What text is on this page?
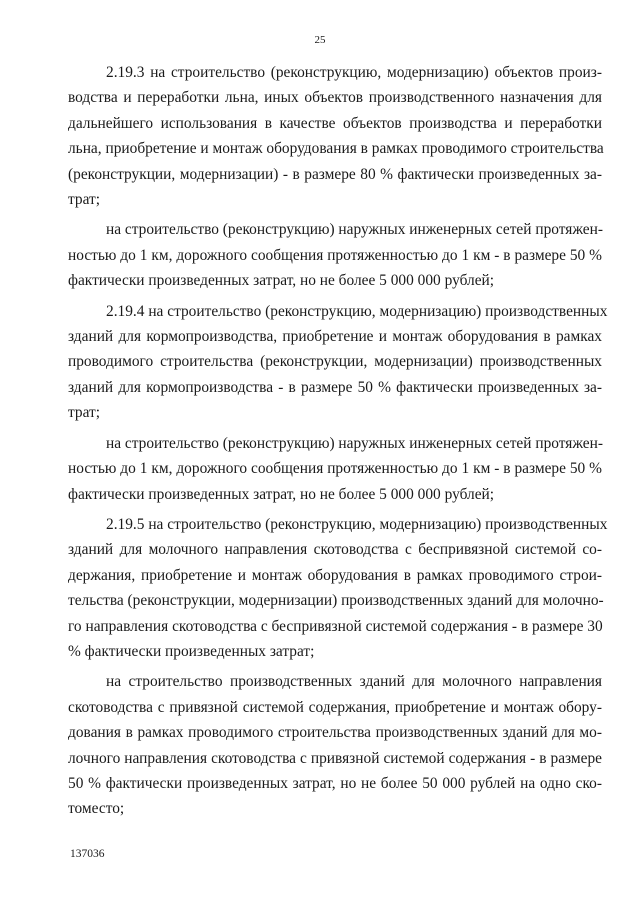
25

2.19.3 на строительство (реконструкцию, модернизацию) объектов произ-
водства и переработки льна, иных объектов производственного назначения для
дальнейшего использования в качестве объектов производства и переработки
льна, приобретение и монтаж оборудования в рамках проводимого строительства
(реконструкции, модернизации) - в размере 80 % фактически произведенных за-
трат;

на строительство (реконструкцию) наружных инженерных сетей протяжен-
ностью до 1 км, дорожного сообщения протяженностью до 1 км - в размере 50 %
фактически произведенных затрат, но не более 5 000 000 рублей;

2.19.4 на строительство (реконструкцию, модернизацию) производственных
зданий для кормопроизводства, приобретение и монтаж оборудования в рамках
проводимого строительства (реконструкции, модернизации) производственных
зданий для кормопроизводства - в размере 50 % фактически произведенных за-
трат;

на строительство (реконструкцию) наружных инженерных сетей протяжен-
ностью до 1 км, дорожного сообщения протяженностью до 1 км - в размере 50 %
фактически произведенных затрат, но не более 5 000 000 рублей;

2.19.5 на строительство (реконструкцию, модернизацию) производственных
зданий для молочного направления скотоводства с беспривязной системой со-
держания, приобретение и монтаж оборудования в рамках проводимого строи-
тельства (реконструкции, модернизации) производственных зданий для молочно-
го направления скотоводства с беспривязной системой содержания - в размере 30
% фактически произведенных затрат;

на строительство производственных зданий для молочного направления
скотоводства с привязной системой содержания, приобретение и монтаж обору-
дования в рамках проводимого строительства производственных зданий для мо-
лочного направления скотоводства с привязной системой содержания - в размере
50 % фактически произведенных затрат, но не более 50 000 рублей на одно ско-
томесто;

137036
